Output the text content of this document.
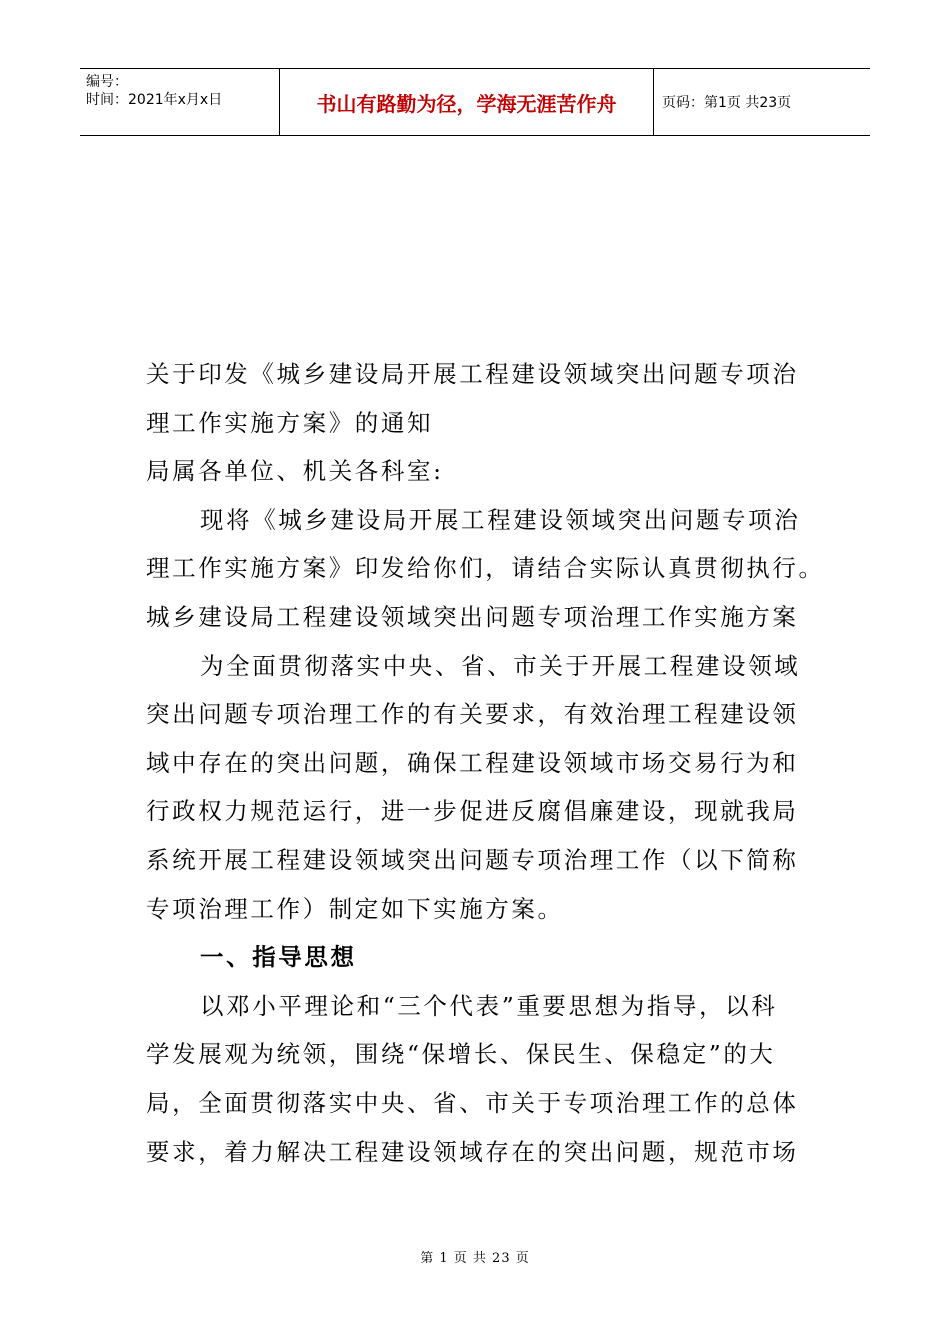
编号：
时间：2021年x月x日	书山有路勤为径，学海无涯苦作舟	页码：第1页 共23页

关于印发《城乡建设局开展工程建设领域突出问题专项治

理工作实施方案》的通知

局属各单位、机关各科室:

现将《城乡建设局开展工程建设领域突出问题专项治

理工作实施方案》印发给你们，请结合实际认真贯彻执行。

城乡建设局工程建设领域突出问题专项治理工作实施方案

为全面贯彻落实中央、省、市关于开展工程建设领域

突出问题专项治理工作的有关要求，有效治理工程建设领

域中存在的突出问题，确保工程建设领域市场交易行为和

行政权力规范运行，进一步促进反腐倡廉建设，现就我局

系统开展工程建设领域突出问题专项治理工作（以下简称

专项治理工作）制定如下实施方案。

一、指导思想

以邓小平理论和“三个代表”重要思想为指导，以科

学发展观为统领，围绕“保增长、保民生、保稳定”的大

局，全面贯彻落实中央、省、市关于专项治理工作的总体

要求，着力解决工程建设领域存在的突出问题，规范市场

第 1 页 共 23 页
